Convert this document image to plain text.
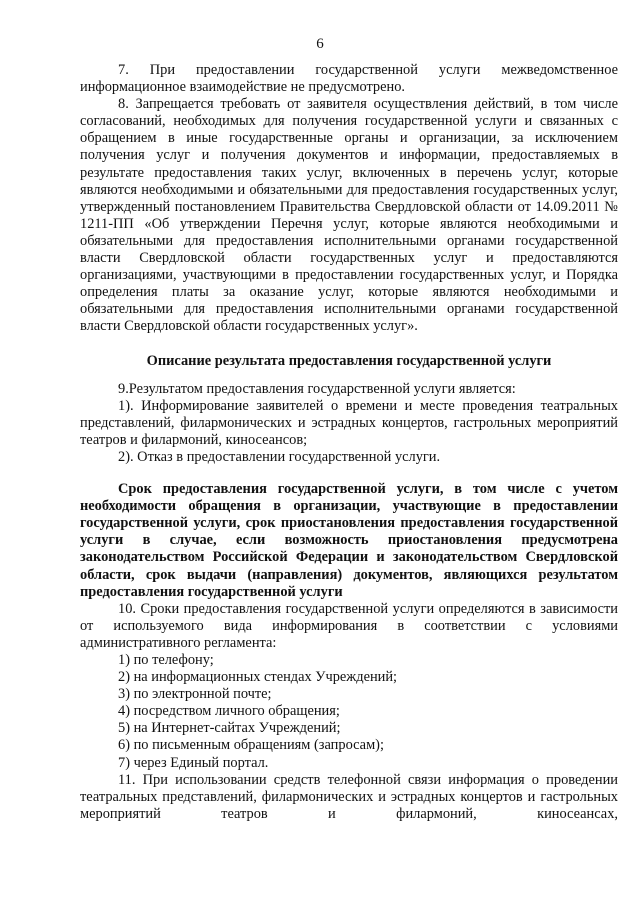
6

7. При предоставлении государственной услуги межведомственное информационное взаимодействие не предусмотрено.

8. Запрещается требовать от заявителя осуществления действий, в том числе согласований, необходимых для получения государственной услуги и связанных с обращением в иные государственные органы и организации, за исключением получения услуг и получения документов и информации, предоставляемых в результате предоставления таких услуг, включенных в перечень услуг, которые являются необходимыми и обязательными для предоставления государственных услуг, утвержденный постановлением Правительства Свердловской области от 14.09.2011 № 1211-ПП «Об утверждении Перечня услуг, которые являются необходимыми и обязательными для предоставления исполнительными органами государственной власти Свердловской области государственных услуг и предоставляются организациями, участвующими в предоставлении государственных услуг, и Порядка определения платы за оказание услуг, которые являются необходимыми и обязательными для предоставления исполнительными органами государственной власти Свердловской области государственных услуг».

Описание результата предоставления государственной услуги

9.Результатом предоставления государственной услуги является:

1). Информирование заявителей о времени и месте проведения театральных представлений, филармонических и эстрадных концертов, гастрольных мероприятий театров и филармоний, киносеансов;

2). Отказ в предоставлении государственной услуги.

Срок предоставления государственной услуги, в том числе с учетом необходимости обращения в организации, участвующие в предоставлении государственной услуги, срок приостановления предоставления государственной услуги в случае, если возможность приостановления предусмотрена законодательством Российской Федерации и законодательством Свердловской области, срок выдачи (направления) документов, являющихся результатом предоставления государственной услуги

10. Сроки предоставления государственной услуги определяются в зависимости от используемого вида информирования в соответствии с условиями административного регламента:

1) по телефону;

2) на информационных стендах Учреждений;

3) по электронной почте;

4) посредством личного обращения;

5) на Интернет-сайтах Учреждений;

6) по письменным обращениям (запросам);

7) через Единый портал.

11. При использовании средств телефонной связи информация о проведении театральных представлений, филармонических и эстрадных концертов и гастрольных мероприятий театров и филармоний, киносеансах,
